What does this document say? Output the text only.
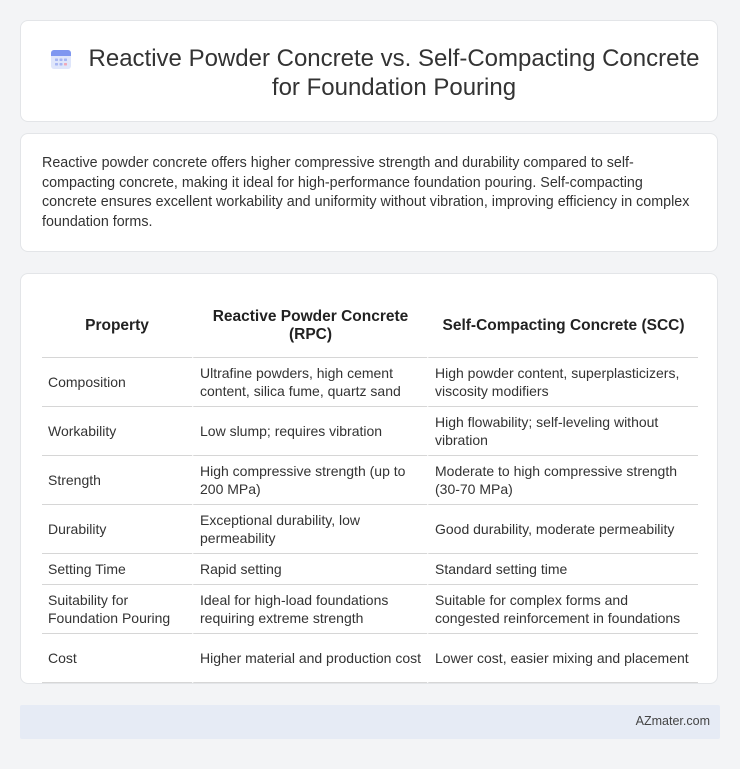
Reactive Powder Concrete vs. Self-Compacting Concrete for Foundation Pouring

Reactive powder concrete offers higher compressive strength and durability compared to self-compacting concrete, making it ideal for high-performance foundation pouring. Self-compacting concrete ensures excellent workability and uniformity without vibration, improving efficiency in complex foundation forms.

Property	Reactive Powder Concrete (RPC)	Self-Compacting Concrete (SCC)
Composition	Ultrafine powders, high cement content, silica fume, quartz sand	High powder content, superplasticizers, viscosity modifiers
Workability	Low slump; requires vibration	High flowability; self-leveling without vibration
Strength	High compressive strength (up to 200 MPa)	Moderate to high compressive strength (30-70 MPa)
Durability	Exceptional durability, low permeability	Good durability, moderate permeability
Setting Time	Rapid setting	Standard setting time
Suitability for Foundation Pouring	Ideal for high-load foundations requiring extreme strength	Suitable for complex forms and congested reinforcement in foundations
Cost	Higher material and production cost	Lower cost, easier mixing and placement
AZmater.com
